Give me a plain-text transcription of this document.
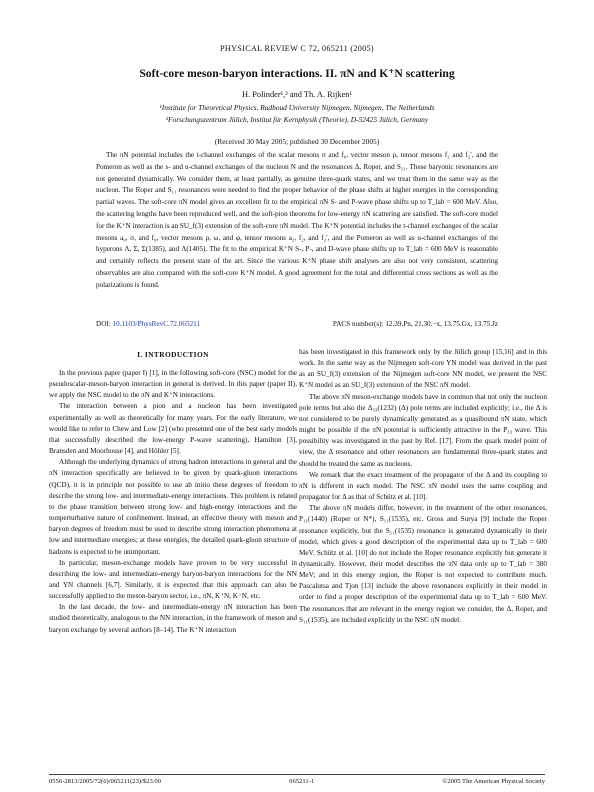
PHYSICAL REVIEW C 72, 065211 (2005)
Soft-core meson-baryon interactions. II. πN and K⁺N scattering
H. Polinder¹,² and Th. A. Rijken¹
¹Institute for Theoretical Physics, Radboud University Nijmegen, Nijmegen, The Netherlands
²Forschungszentrum Jülich, Institut für Kernphysik (Theorie), D-52425 Jülich, Germany
(Received 30 May 2005; published 30 December 2005)

The πN potential includes the t-channel exchanges of the scalar mesons σ and f₀, vector meson ρ, tensor mesons f₂ and f₂′, and the Pomeron as well as the s- and u-channel exchanges of the nucleon N and the resonances Δ, Roper, and S₁₁. These baryonic resonances are not generated dynamically. We consider them, at least partially, as genuine three-quark states, and we treat them in the same way as the nucleon. The Roper and S₁₁ resonances were needed to find the proper behavior of the phase shifts at higher energies in the corresponding partial waves. The soft-core πN model gives an excellent fit to the empirical πN S- and P-wave phase shifts up to T_lab = 600 MeV. Also, the scattering lengths have been reproduced well, and the soft-pion theorems for low-energy πN scattering are satisfied. The soft-core model for the K⁺N interaction is an SU_f(3) extension of the soft-core πN model. The K⁺N potential includes the t-channel exchanges of the scalar mesons a₀, σ, and f₀, vector mesons ρ, ω, and φ, tensor mesons a₂, f₂, and f₂′, and the Pomeron as well as u-channel exchanges of the hyperons Λ, Σ, Σ(1385), and Λ(1405). The fit to the empirical K⁺N S-, P-, and D-wave phase shifts up to T_lab = 600 MeV is reasonable and certainly reflects the present state of the art. Since the various K⁺N phase shift analyses are also not very consistent, scattering observables are also compared with the soft-core K⁺N model. A good agreement for the total and differential cross sections as well as the polarizations is found.

DOI: 10.1103/PhysRevC.72.065211	PACS number(s): 12.39.Pn, 21.30.−x, 13.75.Gx, 13.75.Jz
I. INTRODUCTION

In the previous paper (paper I) [1], in the following soft-core (NSC) model for the pseudoscalar-meson-baryon interaction in general is derived. In this paper (paper II), we apply the NSC model to the πN and K⁺N interactions.

The interaction between a pion and a nucleon has been investigated experimentally as well as theoretically for many years. For the early literature, we would like to refer to Chew and Low [2] (who presented one of the best early models that successfully described the low-energy P-wave scattering), Hamilton [3], Bransden and Moorhouse [4], and Höhler [5].

Although the underlying dynamics of strong hadron interactions in general and the πN interaction specifically are believed to be given by quark-gluon interactions (QCD), it is in principle not possible to use ab initio these degrees of freedom to describe the strong low- and intermediate-energy interactions. This problem is related to the phase transition between strong low- and high-energy interactions and the nonperturbative nature of confinement. Instead, an effective theory with meson and baryon degrees of freedom must be used to describe strong interaction phenomena at low and intermediate energies; at these energies, the detailed quark-gluon structure of hadrons is expected to be unimportant.

In particular, meson-exchange models have proven to be very successful in describing the low- and intermediate-energy baryon-baryon interactions for the NN and YN channels [6,7]. Similarly, it is expected that this approach can also be successfully applied to the meson-baryon sector, i.e., πN, K⁺N, K⁻N, etc.

In the last decade, the low- and intermediate-energy πN interaction has been studied theoretically, analogous to the NN interaction, in the framework of meson and baryon exchange by several authors [8–14]. The K⁺N interaction

has been investigated in this framework only by the Jülich group [15,16] and in this work. In the same way as the Nijmegen soft-core YN model was derived in the past as an SU_f(3) extension of the Nijmegen soft-core NN model, we present the NSC K⁺N model as an SU_f(3) extension of the NSC πN model.

The above πN meson-exchange models have in common that not only the nucleon pole terms but also the Δ₃₃(1232) (Δ) pole terms are included explicitly; i.e., the Δ is not considered to be purely dynamically generated as a quasibound πN state, which might be possible if the πN potential is sufficiently attractive in the P₃₃ wave. This possibility was investigated in the past by Ref. [17]. From the quark model point of view, the Δ resonance and other resonances are fundamental three-quark states and should be treated the same as nucleons.

We remark that the exact treatment of the propagator of the Δ and its coupling to πN is different in each model. The NSC πN model uses the same coupling and propagator for Δ as that of Schütz et al. [10].

The above πN models differ, however, in the treatment of the other resonances, P₁₁(1440) (Roper or N*), S₁₁(1535), etc. Gross and Surya [9] include the Roper resonance explicitly, but the S₁₁(1535) resonance is generated dynamically in their model, which gives a good description of the experimental data up to T_lab = 600 MeV. Schütz et al. [10] do not include the Roper resonance explicitly but generate it dynamically. However, their model describes the πN data only up to T_lab = 380 MeV; and in this energy region, the Roper is not expected to contribute much. Pascalutsa and Tjon [13] include the above resonances explicitly in their model in order to find a proper description of the experimental data up to T_lab = 600 MeV. The resonances that are relevant in the energy region we consider, the Δ, Roper, and S₁₁(1535), are included explicitly in the NSC πN model.

0556-2813/2005/72(6)/065211(23)/$23.00	065211-1	©2005 The American Physical Society
